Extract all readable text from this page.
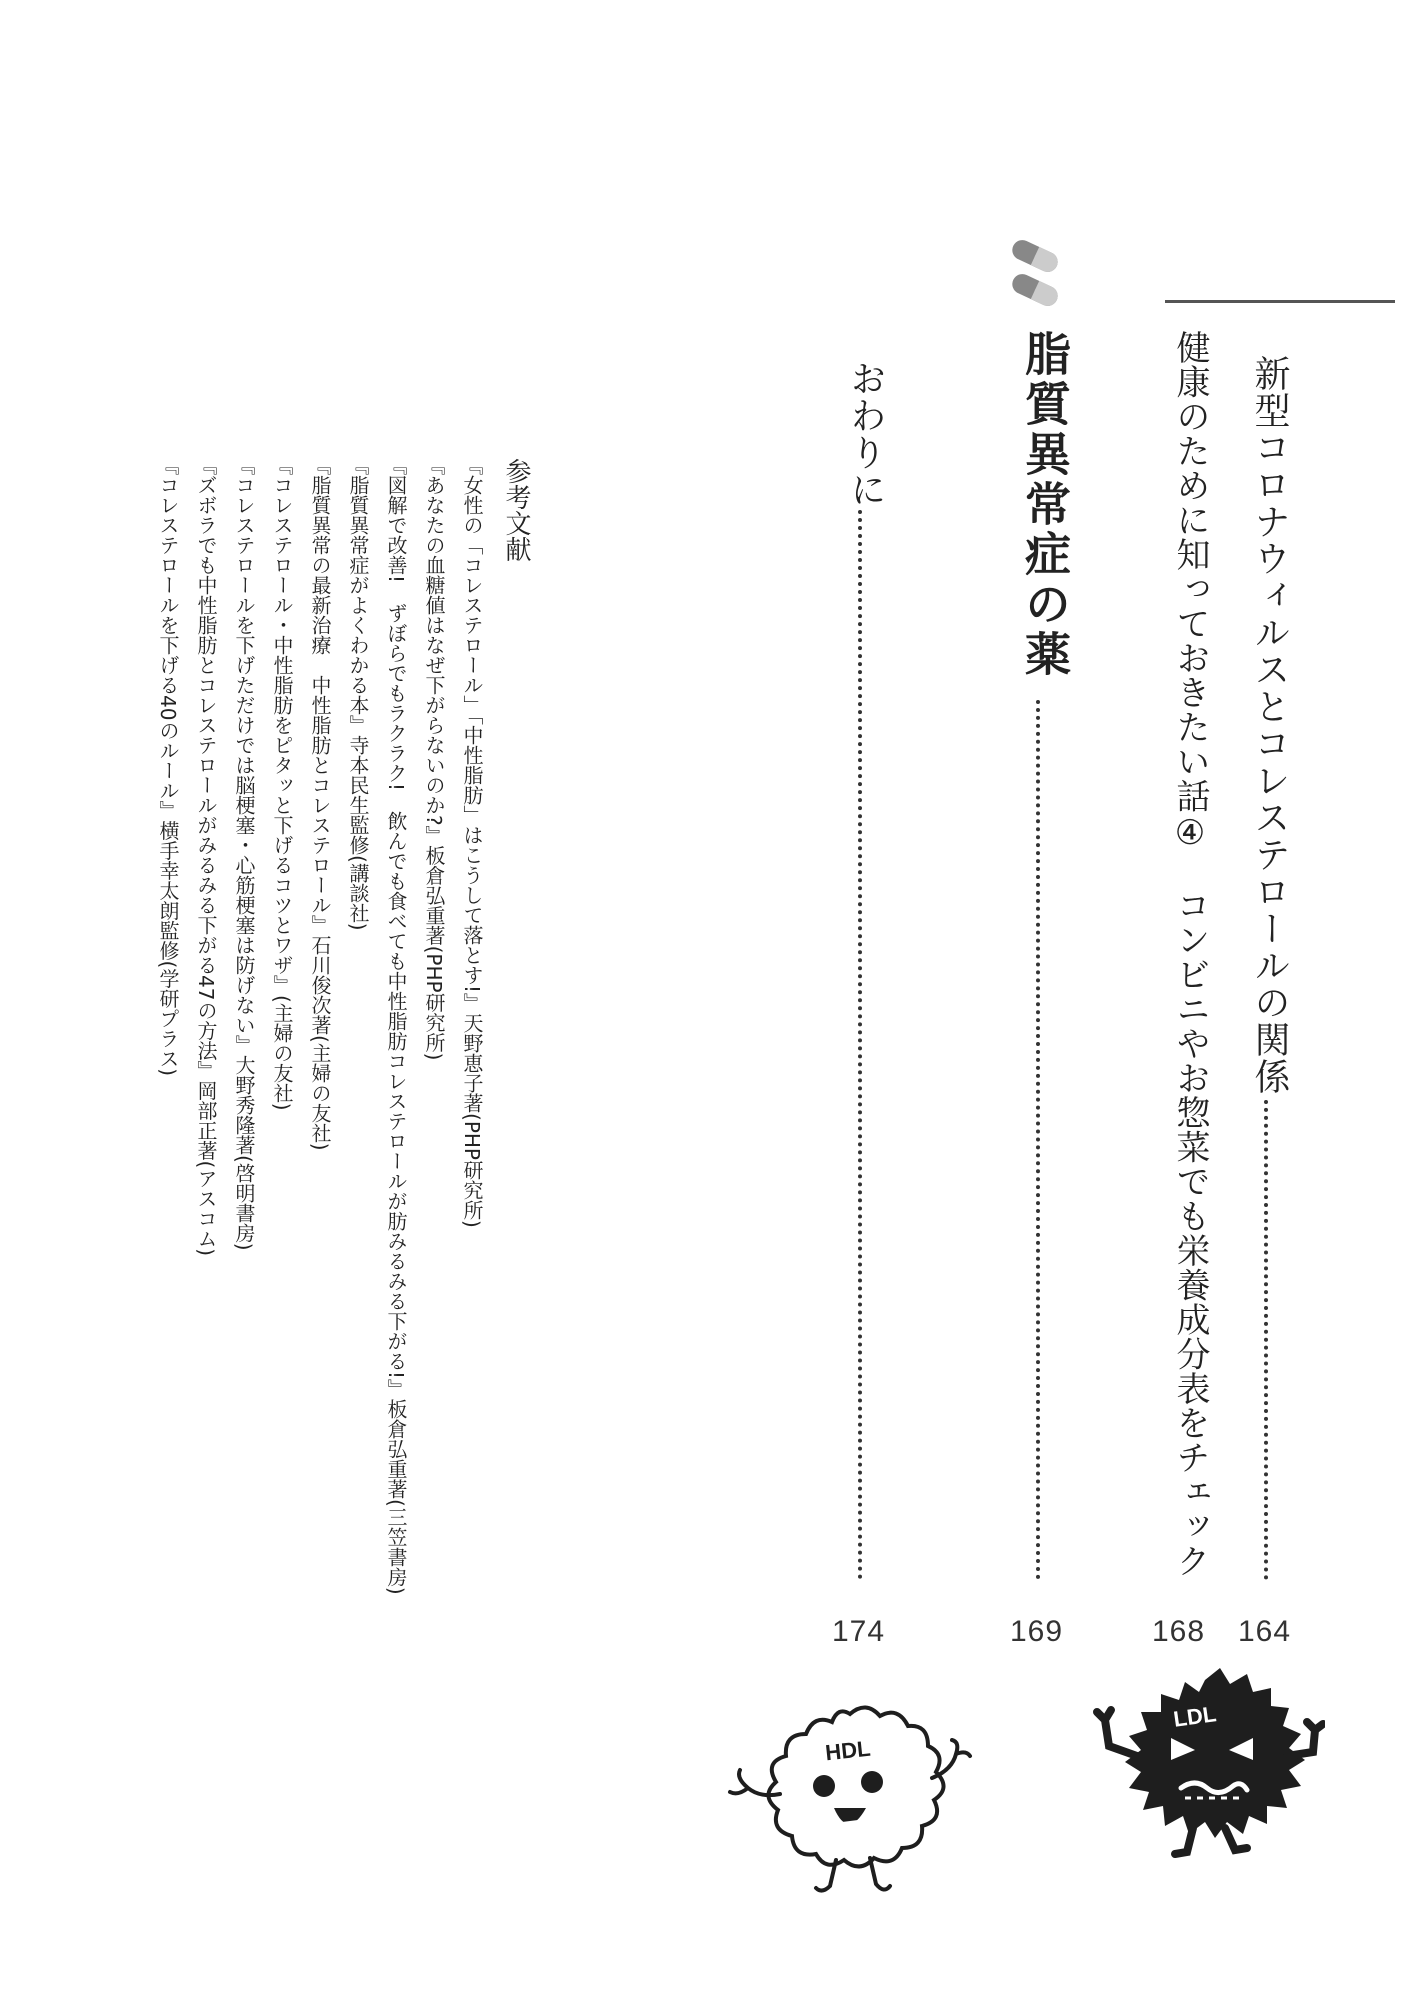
新型コロナウィルスとコレステロールの関係
164
健康のために知っておきたい話④　コンビニやお惣菜でも栄養成分表をチェック
168
脂質異常症の薬
169
おわりに
174
参考文献
『女性の「コレステロール」「中性脂肪」はこうして落とす!』天野恵子著(PHP研究所)
『あなたの血糖値はなぜ下がらないのか?』板倉弘重著(PHP研究所)
『図解で改善!　ずぼらでもラクラク!　飲んでも食べても中性脂肪コレステロールが肪みるみる下がる!』板倉弘重著(三笠書房)
『脂質異常症がよくわかる本』寺本民生監修(講談社)
『脂質異常の最新治療　中性脂肪とコレステロール』石川俊次著(主婦の友社)
『コレステロール・中性脂肪をピタッと下げるコツとワザ』(主婦の友社)
『コレステロールを下げただけでは脳梗塞・心筋梗塞は防げない』大野秀隆著(啓明書房)
『ズボラでも中性脂肪とコレステロールがみるみる下がる47の方法』岡部正著(アスコム)
『コレステロールを下げる40のルール』横手幸太朗監修(学研プラス)
LDL
HDL
